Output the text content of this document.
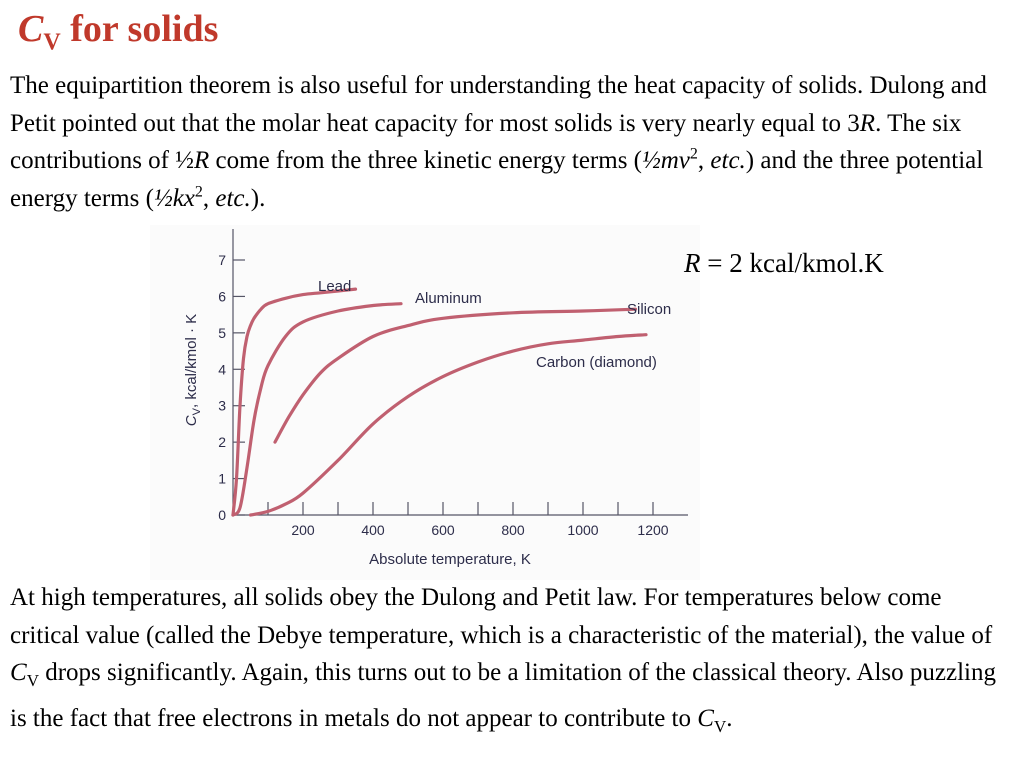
$C_V$ for solids

The equipartition theorem is also useful for understanding the heat capacity of solids. Dulong and Petit pointed out that the molar heat capacity for most solids is very nearly equal to 3R. The six contributions of ½R come from the three kinetic energy terms ($\frac{1}{2}mv^2$, etc.) and the three potential energy terms ($\frac{1}{2}kx^2$, etc.).

0
1
2
3
4
5
6
7
200	400	600	800	1000	1200
Lead
Aluminum
Silicon
Carbon (diamond)
Absolute temperature, K
$C_V$, kcal/kmol · K

R = 2 kcal/kmol.K

At high temperatures, all solids obey the Dulong and Petit law. For temperatures below come critical value (called the Debye temperature, which is a characteristic of the material), the value of $C_V$ drops significantly. Again, this turns out to be a limitation of the classical theory. Also puzzling is the fact that free electrons in metals do not appear to contribute to $C_V$.
